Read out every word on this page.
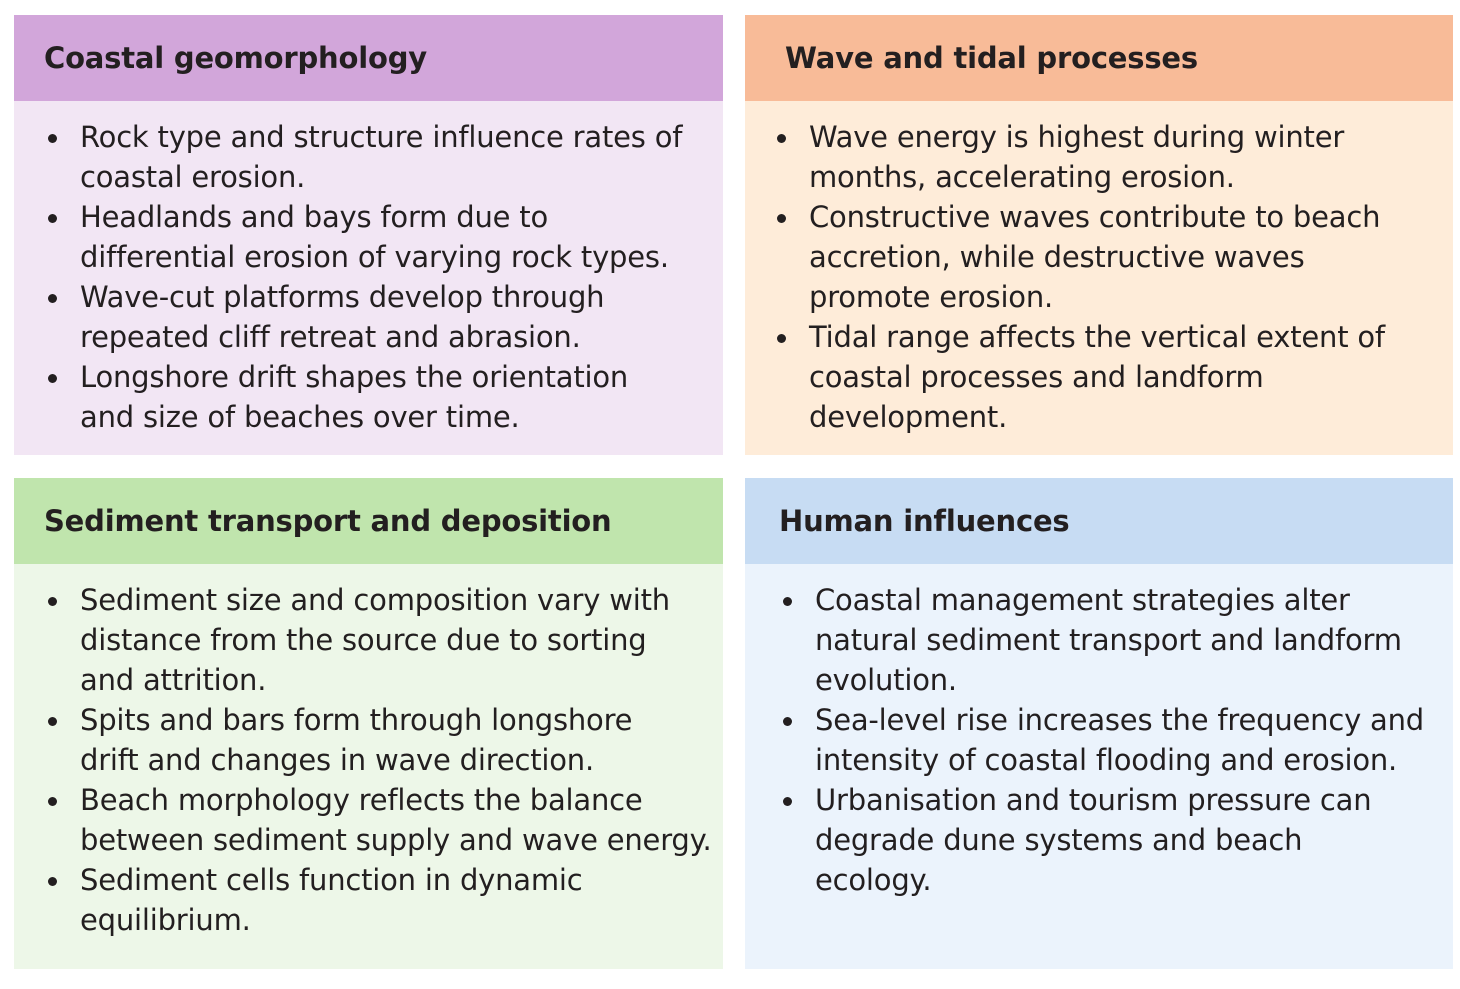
Coastal geomorphology
Rock type and structure influence rates of
coastal erosion.
Headlands and bays form due to
differential erosion of varying rock types.
Wave-cut platforms develop through
repeated cliff retreat and abrasion.
Longshore drift shapes the orientation
and size of beaches over time.
Wave and tidal processes
Wave energy is highest during winter
months, accelerating erosion.
Constructive waves contribute to beach
accretion, while destructive waves
promote erosion.
Tidal range affects the vertical extent of
coastal processes and landform
development.
Sediment transport and deposition
Sediment size and composition vary with
distance from the source due to sorting
and attrition.
Spits and bars form through longshore
drift and changes in wave direction.
Beach morphology reflects the balance
between sediment supply and wave energy.
Sediment cells function in dynamic
equilibrium.
Human influences
Coastal management strategies alter
natural sediment transport and landform
evolution.
Sea-level rise increases the frequency and
intensity of coastal flooding and erosion.
Urbanisation and tourism pressure can
degrade dune systems and beach
ecology.
